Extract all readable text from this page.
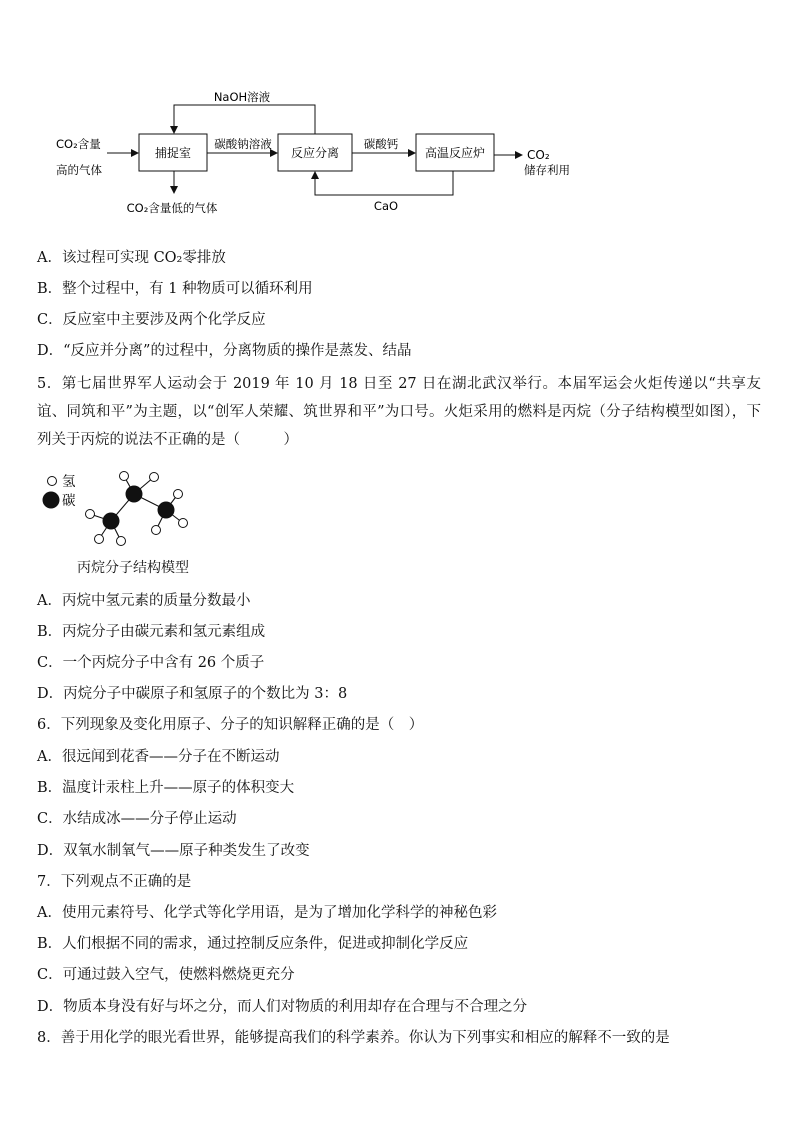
捕捉室	反应分离	高温反应炉
CO₂含量
高的气体
NaOH溶液
碳酸钠溶液	碳酸钙
CO₂
储存利用
CaO
CO₂含量低的气体
A．该过程可实现 CO₂零排放
B．整个过程中，有 1 种物质可以循环利用
C．反应室中主要涉及两个化学反应
D．“反应并分离”的过程中，分离物质的操作是蒸发、结晶
5．第七届世界军人运动会于 2019 年 10 月 18 日至 27 日在湖北武汉举行。本届军运会火炬传递以“共享友谊、同筑和平”为主题，以“创军人荣耀、筑世界和平”为口号。火炬采用的燃料是丙烷（分子结构模型如图），下列关于丙烷的说法不正确的是（　　　）
氢
碳
丙烷分子结构模型
A．丙烷中氢元素的质量分数最小
B．丙烷分子由碳元素和氢元素组成
C．一个丙烷分子中含有 26 个质子
D．丙烷分子中碳原子和氢原子的个数比为 3：8
6．下列现象及变化用原子、分子的知识解释正确的是（　）
A．很远闻到花香——分子在不断运动
B．温度计汞柱上升——原子的体积变大
C．水结成冰——分子停止运动
D．双氧水制氧气——原子种类发生了改变
7．下列观点不正确的是
A．使用元素符号、化学式等化学用语，是为了增加化学科学的神秘色彩
B．人们根据不同的需求，通过控制反应条件，促进或抑制化学反应
C．可通过鼓入空气，使燃料燃烧更充分
D．物质本身没有好与坏之分，而人们对物质的利用却存在合理与不合理之分
8．善于用化学的眼光看世界，能够提高我们的科学素养。你认为下列事实和相应的解释不一致的是
